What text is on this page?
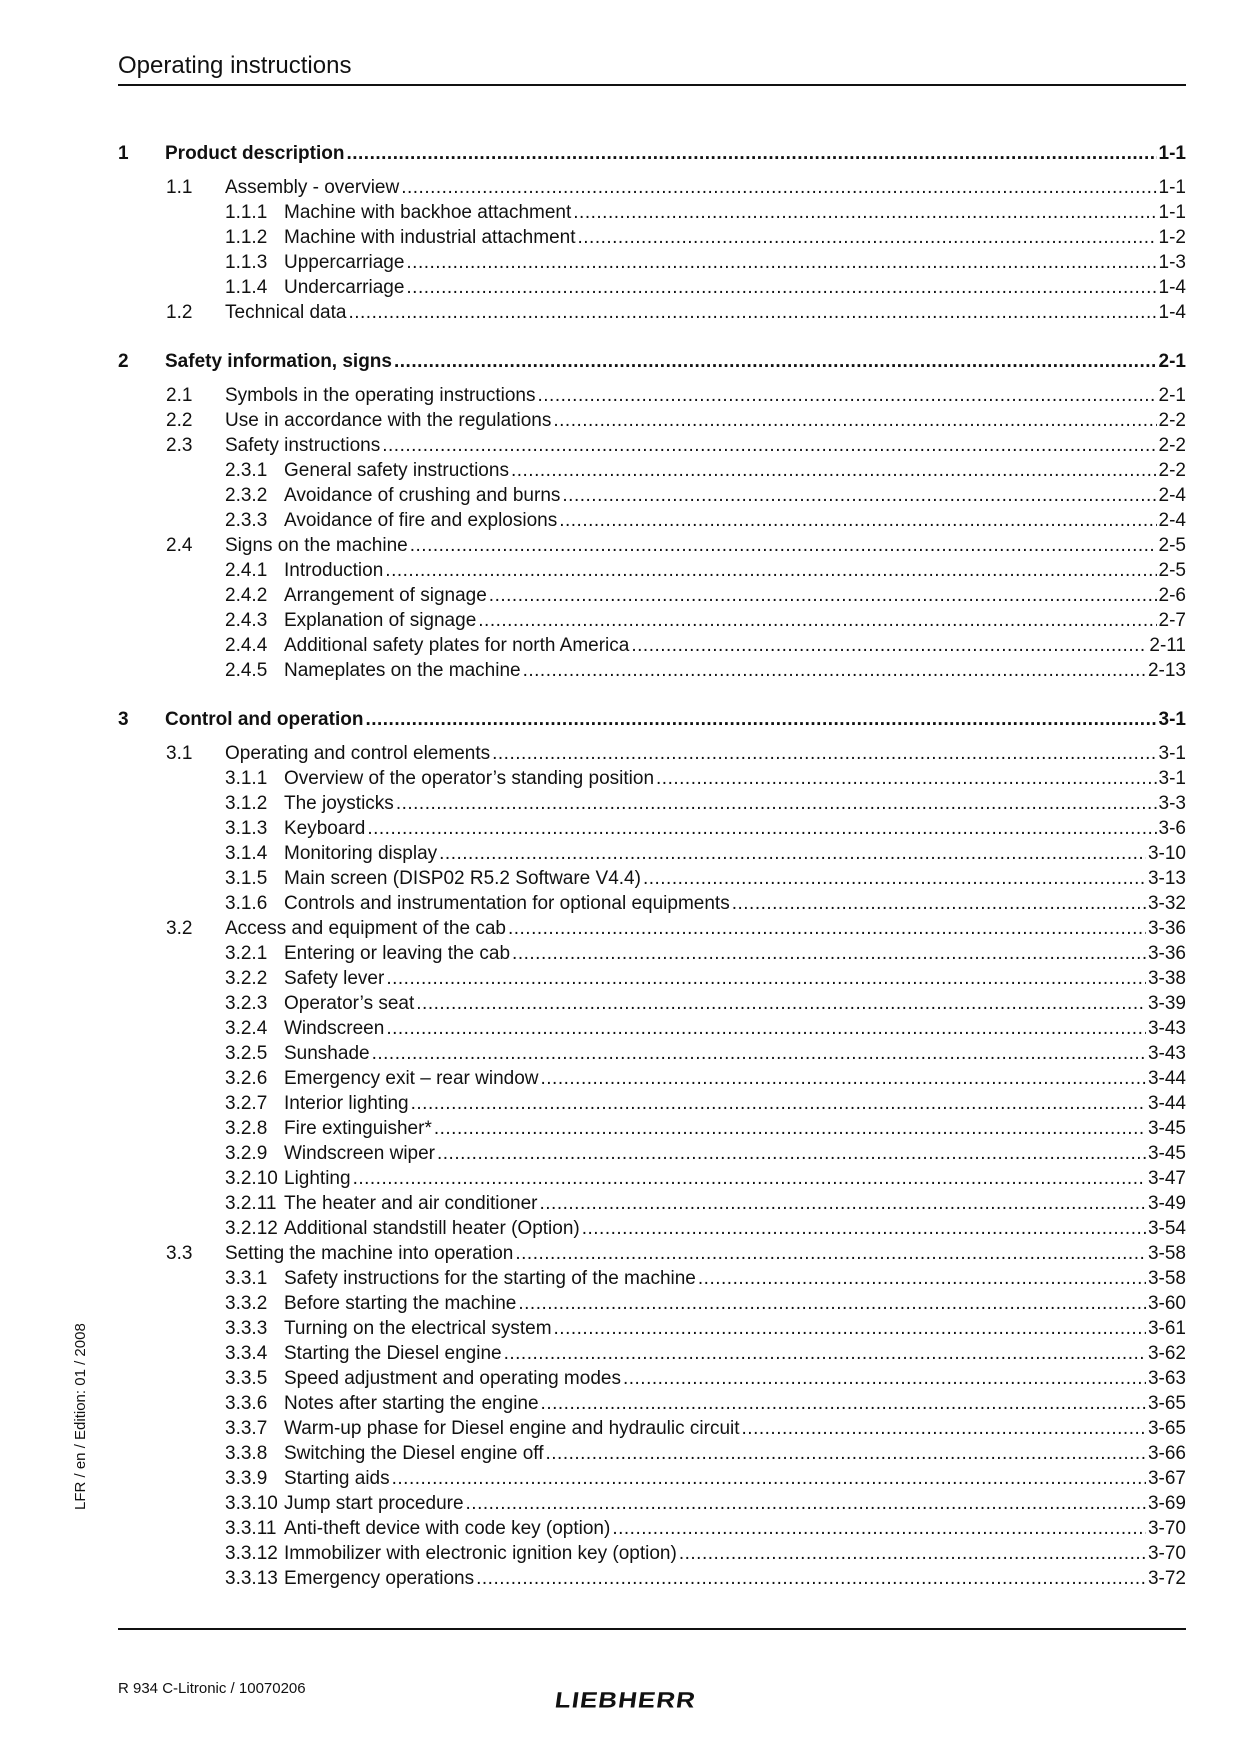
Operating instructions
1 Product description .....	1-1
1.1 Assembly - overview .....	1-1
1.1.1 Machine with backhoe attachment .....	1-1
1.1.2 Machine with industrial attachment .....	1-2
1.1.3 Uppercarriage .....	1-3
1.1.4 Undercarriage .....	1-4
1.2 Technical data .....	1-4
2 Safety information, signs .....	2-1
2.1 Symbols in the operating instructions .....	2-1
2.2 Use in accordance with the regulations .....	2-2
2.3 Safety instructions .....	2-2
2.3.1 General safety instructions .....	2-2
2.3.2 Avoidance of crushing and burns .....	2-4
2.3.3 Avoidance of fire and explosions .....	2-4
2.4 Signs on the machine .....	2-5
2.4.1 Introduction .....	2-5
2.4.2 Arrangement of signage .....	2-6
2.4.3 Explanation of signage .....	2-7
2.4.4 Additional safety plates for north America .....	2-11
2.4.5 Nameplates on the machine .....	2-13
3 Control and operation .....	3-1
3.1 Operating and control elements .....	3-1
3.1.1 Overview of the operator’s standing position .....	3-1
3.1.2 The joysticks .....	3-3
3.1.3 Keyboard .....	3-6
3.1.4 Monitoring display .....	3-10
3.1.5 Main screen (DISP02 R5.2 Software V4.4) .....	3-13
3.1.6 Controls and instrumentation for optional equipments .....	3-32
3.2 Access and equipment of the cab .....	3-36
3.2.1 Entering or leaving the cab .....	3-36
3.2.2 Safety lever .....	3-38
3.2.3 Operator’s seat .....	3-39
3.2.4 Windscreen .....	3-43
3.2.5 Sunshade .....	3-43
3.2.6 Emergency exit – rear window .....	3-44
3.2.7 Interior lighting .....	3-44
3.2.8 Fire extinguisher* .....	3-45
3.2.9 Windscreen wiper .....	3-45
3.2.10 Lighting .....	3-47
3.2.11 The heater and air conditioner .....	3-49
3.2.12 Additional standstill heater (Option) .....	3-54
3.3 Setting the machine into operation .....	3-58
3.3.1 Safety instructions for the starting of the machine .....	3-58
3.3.2 Before starting the machine .....	3-60
3.3.3 Turning on the electrical system .....	3-61
3.3.4 Starting the Diesel engine .....	3-62
3.3.5 Speed adjustment and operating modes .....	3-63
3.3.6 Notes after starting the engine .....	3-65
3.3.7 Warm-up phase for Diesel engine and hydraulic circuit .....	3-65
3.3.8 Switching the Diesel engine off .....	3-66
3.3.9 Starting aids .....	3-67
3.3.10 Jump start procedure .....	3-69
3.3.11 Anti-theft device with code key (option) .....	3-70
3.3.12 Immobilizer with electronic ignition key (option) .....	3-70
3.3.13 Emergency operations .....	3-72
LFR / en / Edition: 01 / 2008
R 934 C-Litronic / 10070206	LIEBHERR
